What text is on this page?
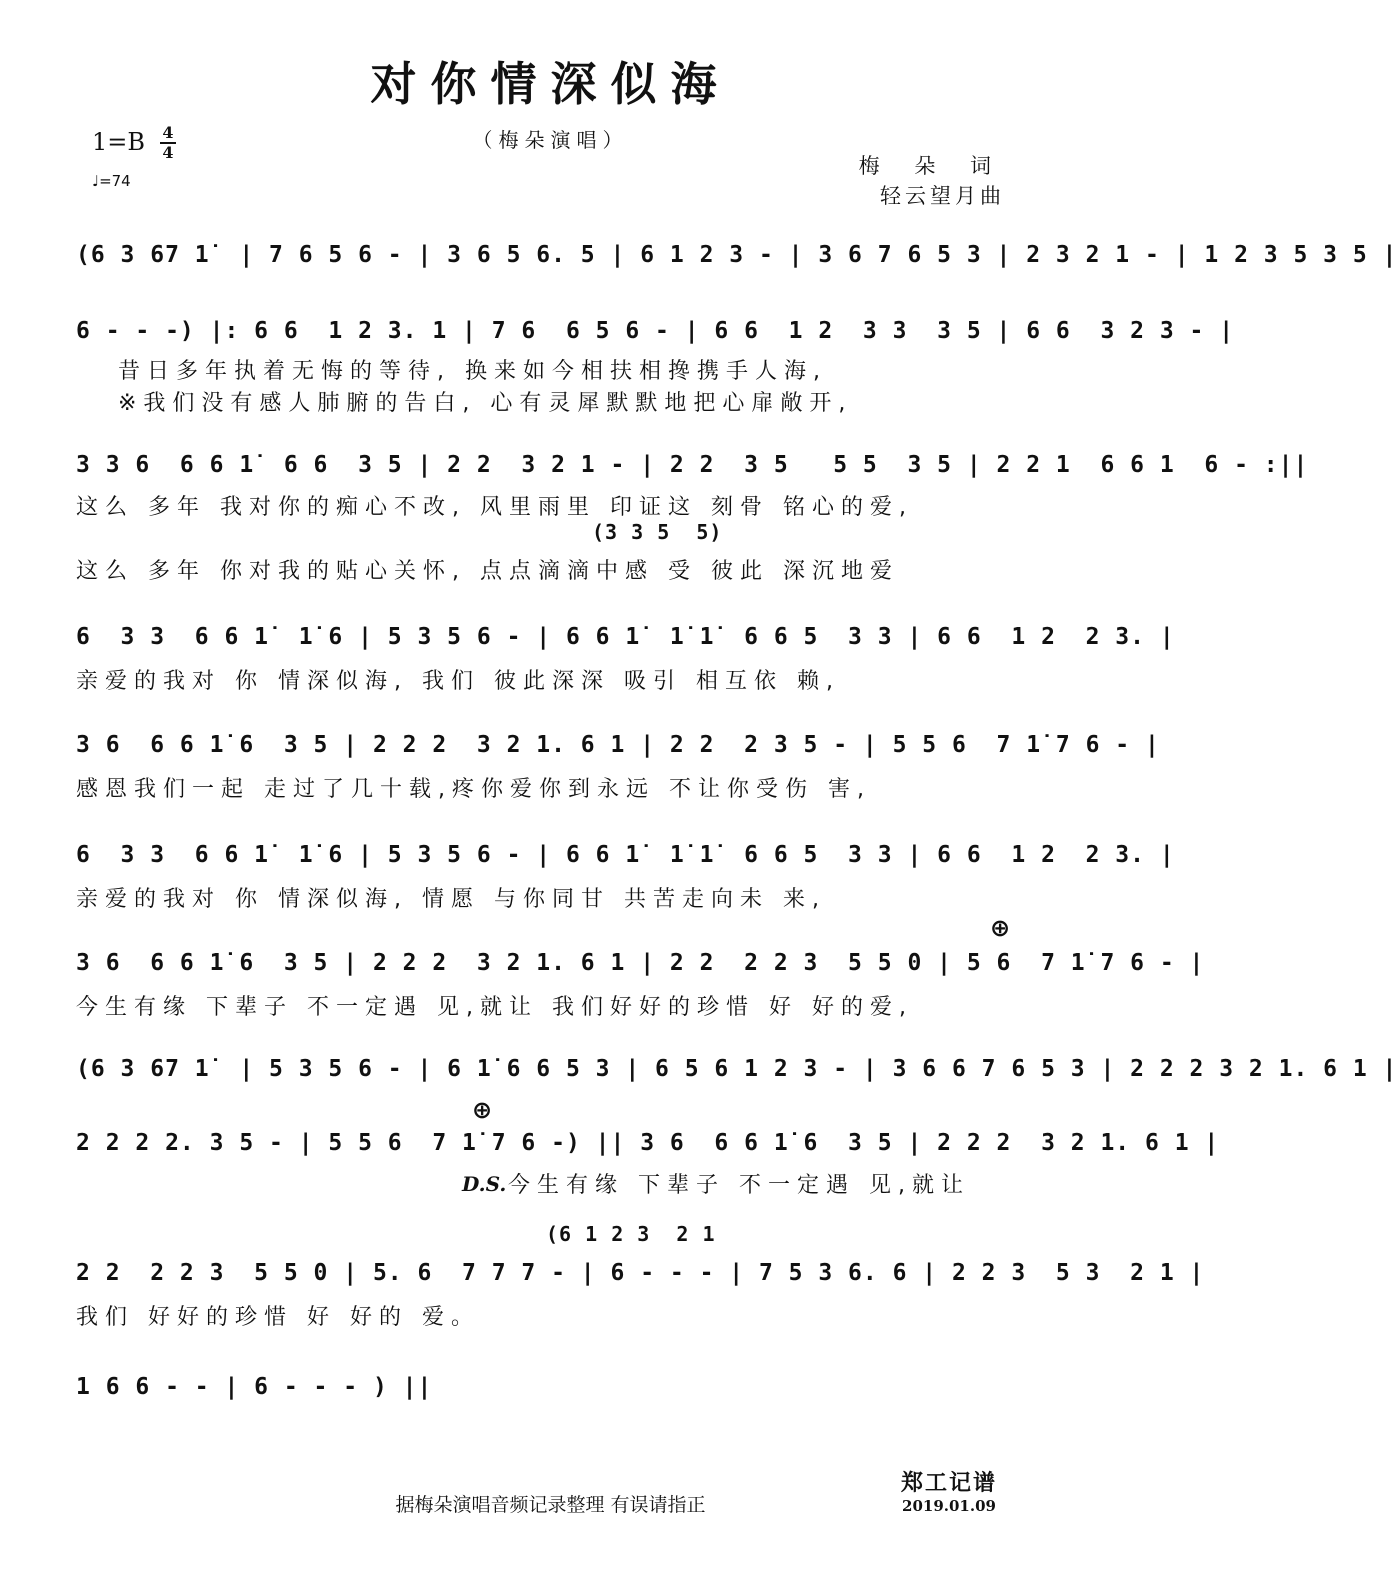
对你情深似海
（梅朵演唱）
1=B 4
4
♩=74
梅 朵 词
轻云望月曲
(6 3 67 1̇  | 7 6 5 6 - | 3 6 5 6. 5 | 6 1 2 3 - | 3 6 7 6 5 3 | 2 3 2 1 - | 1 2 3 5 3 5 |
6 - - -) |: 6 6  1 2 3. 1 | 7 6  6 5 6 - | 6 6  1 2  3 3  3 5 | 6 6  3 2 3 - |
昔日多年执着无悔的等待, 换来如今相扶相搀携手人海,
※我们没有感人肺腑的告白, 心有灵犀默默地把心扉敞开,
3 3 6  6 6 1̇  6 6  3 5 | 2 2  3 2 1 - | 2 2  3 5   5 5  3 5 | 2 2 1  6 6 1  6 - :||
这么 多年 我对你的痴心不改, 风里雨里 印证这 刻骨 铭心的爱,
(3 3 5  5)
这么 多年 你对我的贴心关怀, 点点滴滴中感 受 彼此 深沉地爱
6  3 3  6 6 1̇  1̇ 6 | 5 3 5 6 - | 6 6 1̇  1̇ 1̇  6 6 5  3 3 | 6 6  1 2  2 3. |
亲爱的我对 你 情深似海, 我们 彼此深深 吸引 相互依 赖,
3 6  6 6 1̇ 6  3 5 | 2 2 2  3 2 1. 6 1 | 2 2  2 3 5 - | 5 5 6  7 1̇ 7 6 - |
感恩我们一起 走过了几十载,疼你爱你到永远 不让你受伤 害,
6  3 3  6 6 1̇  1̇ 6 | 5 3 5 6 - | 6 6 1̇  1̇ 1̇  6 6 5  3 3 | 6 6  1 2  2 3. |
亲爱的我对 你 情深似海, 情愿 与你同甘 共苦走向未 来,
⊕
3 6  6 6 1̇ 6  3 5 | 2 2 2  3 2 1. 6 1 | 2 2  2 2 3  5 5 0 | 5 6  7 1̇ 7 6 - |
今生有缘 下辈子 不一定遇 见,就让 我们好好的珍惜 好 好的爱,
(6 3 67 1̇  | 5 3 5 6 - | 6 1̇ 6 6 5 3 | 6 5 6 1 2 3 - | 3 6 6 7 6 5 3 | 2 2 2 3 2 1. 6 1 |
⊕
2 2 2 2. 3 5 - | 5 5 6  7 1̇ 7 6 -) || 3 6  6 6 1̇ 6  3 5 | 2 2 2  3 2 1. 6 1 |
D.S. 今生有缘 下辈子 不一定遇 见,就让
(6 1 2 3  2 1
2 2  2 2 3  5 5 0 | 5. 6  7 7 7 - | 6 - - - | 7 5 3 6. 6 | 2 2 3  5 3  2 1 |
我们 好好的珍惜 好 好的 爱。
1 6 6 - - | 6 - - - ) ||
据梅朵演唱音频记录整理 有误请指正
郑工记谱
2019.01.09
